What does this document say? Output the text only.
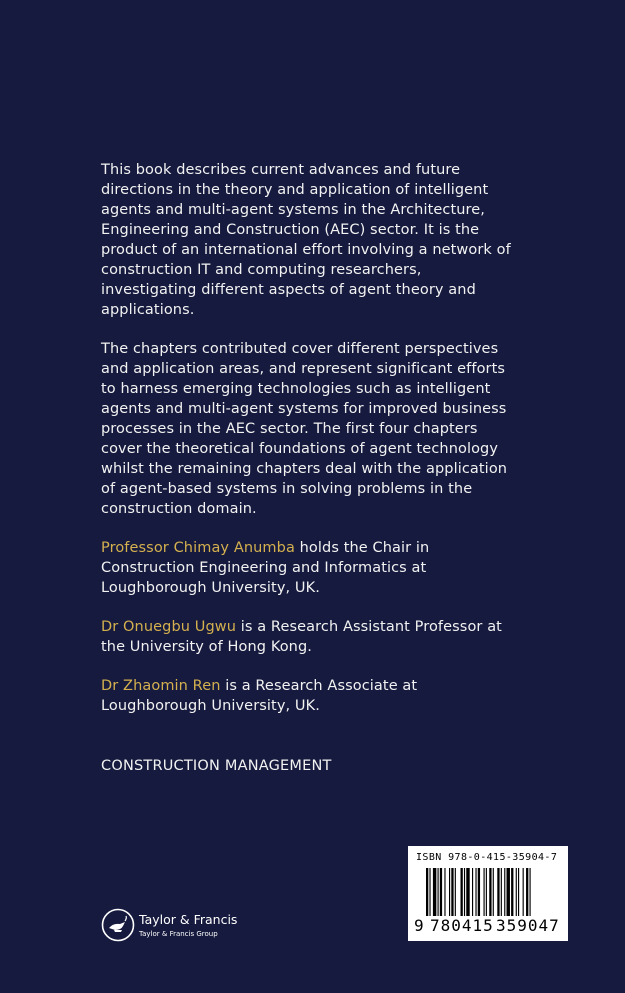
This book describes current advances and future directions in the theory and application of intelligent agents and multi-agent systems in the Architecture, Engineering and Construction (AEC) sector. It is the product of an international effort involving a network of construction IT and computing researchers, investigating different aspects of agent theory and applications.

The chapters contributed cover different perspectives and application areas, and represent significant efforts to harness emerging technologies such as intelligent agents and multi-agent systems for improved business processes in the AEC sector. The first four chapters cover the theoretical foundations of agent technology whilst the remaining chapters deal with the application of agent-based systems in solving problems in the construction domain.

Professor Chimay Anumba holds the Chair in Construction Engineering and Informatics at Loughborough University, UK.

Dr Onuegbu Ugwu is a Research Assistant Professor at the University of Hong Kong.

Dr Zhaomin Ren is a Research Associate at Loughborough University, UK.

CONSTRUCTION MANAGEMENT
Taylor & Francis
Taylor & Francis Group
ISBN 978-0-415-35904-7
9 780415 359047
